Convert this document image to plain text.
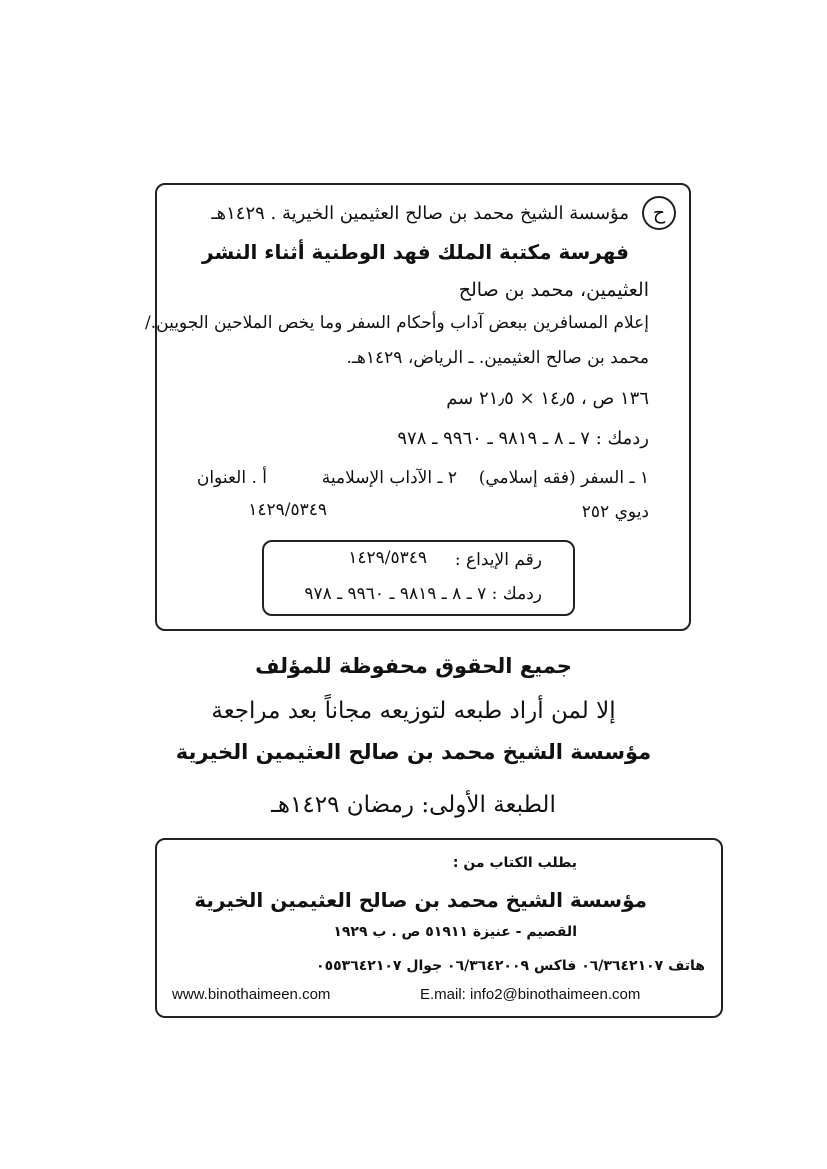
ح
مؤسسة الشيخ محمد بن صالح العثيمين الخيرية . ١٤٢٩هـ
فهرسة مكتبة الملك فهد الوطنية أثناء النشر
العثيمين، محمد بن صالح
إعلام المسافرين ببعض آداب وأحكام السفر وما يخص الملاحين الجويين./
محمد بن صالح العثيمين. ـ الرياض، ١٤٢٩هـ.
١٣٦ ص ، ١٤٫٥ × ٢١٫٥ سم
ردمك : ٧ ـ ٨ ـ ٩٨١٩ ـ ٩٩٦٠ ـ ٩٧٨
١ ـ السفر (فقه إسلامي)
٢ ـ الآداب الإسلامية
أ . العنوان
ديوي ٢٥٢
١٤٢٩/٥٣٤٩
رقم الإيداع :
١٤٢٩/٥٣٤٩
ردمك : ٧ ـ ٨ ـ ٩٨١٩ ـ ٩٩٦٠ ـ ٩٧٨
جميع الحقوق محفوظة للمؤلف
إلا لمن أراد طبعه لتوزيعه مجاناً بعد مراجعة
مؤسسة الشيخ محمد بن صالح العثيمين الخيرية
الطبعة الأولى: رمضان ١٤٢٩هـ
يطلب الكتاب من :
مؤسسة الشيخ محمد بن صالح العثيمين الخيرية
القصيم - عنيزة ٥١٩١١ ص . ب ١٩٢٩
هاتف ٠٦/٣٦٤٢١٠٧ فاكس ٠٦/٣٦٤٢٠٠٩ جوال ٠٥٥٣٦٤٢١٠٧
www.binothaimeen.com	E.mail: info2@binothaimeen.com
